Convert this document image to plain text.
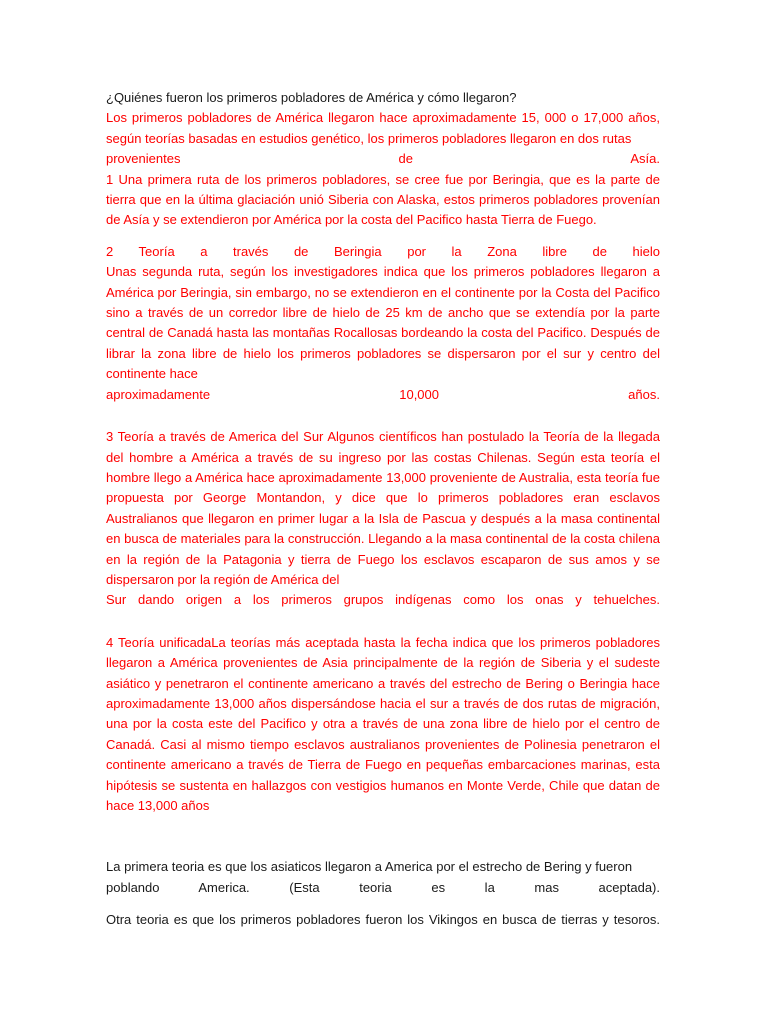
¿Quiénes fueron los primeros pobladores de América y cómo llegaron?

Los primeros pobladores de América llegaron hace aproximadamente 15, 000 o 17,000 años, según teorías basadas en estudios genético, los primeros pobladores llegaron en dos rutas

provenientes de Asía.

1 Una primera ruta de los primeros pobladores, se cree fue por Beringia, que es la parte de tierra que en la última glaciación unió Siberia con Alaska, estos primeros pobladores provenían de Asía y se extendieron por América por la costa del Pacifico hasta Tierra de Fuego.

2 Teoría a través de Beringia por la Zona libre de hielo

Unas segunda ruta, según los investigadores indica que los primeros pobladores llegaron a América por Beringia, sin embargo, no se extendieron en el continente por la Costa del Pacifico sino a través de un corredor libre de hielo de 25 km de ancho que se extendía por la parte central de Canadá hasta las montañas Rocallosas bordeando la costa del Pacifico. Después de librar la zona libre de hielo los primeros pobladores se dispersaron por el sur y centro del continente hace

aproximadamente 10,000 años.

3 Teoría a través de America del Sur Algunos científicos han postulado la Teoría de la llegada del hombre a América a través de su ingreso por las costas Chilenas. Según esta teoría el hombre llego a América hace aproximadamente 13,000 proveniente de Australia, esta teoría fue propuesta por George Montandon, y dice que lo primeros pobladores eran esclavos Australianos que llegaron en primer lugar a la Isla de Pascua y después a la masa continental en busca de materiales para la construcción. Llegando a la masa continental de la costa chilena en la región de la Patagonia y tierra de Fuego los esclavos escaparon de sus amos y se dispersaron por la región de América del

Sur dando origen a los primeros grupos indígenas como los onas y tehuelches.

4 Teoría unificadaLa teorías más aceptada hasta la fecha indica que los primeros pobladores llegaron a América provenientes de Asia principalmente de la región de Siberia y el sudeste asiático y penetraron el continente americano a través del estrecho de Bering o Beringia hace aproximadamente 13,000 años dispersándose hacia el sur a través de dos rutas de migración, una por la costa este del Pacifico y otra a través de una zona libre de hielo por el centro de Canadá. Casi al mismo tiempo esclavos australianos provenientes de Polinesia penetraron el continente americano a través de Tierra de Fuego en pequeñas embarcaciones marinas, esta hipótesis se sustenta en hallazgos con vestigios humanos en Monte Verde, Chile que datan de hace 13,000 años

La primera teoria es que los asiaticos llegaron a America por el estrecho de Bering y fueron

poblando America. (Esta teoria es la mas aceptada).

Otra teoria es que los primeros pobladores fueron los Vikingos en busca de tierras y tesoros.
